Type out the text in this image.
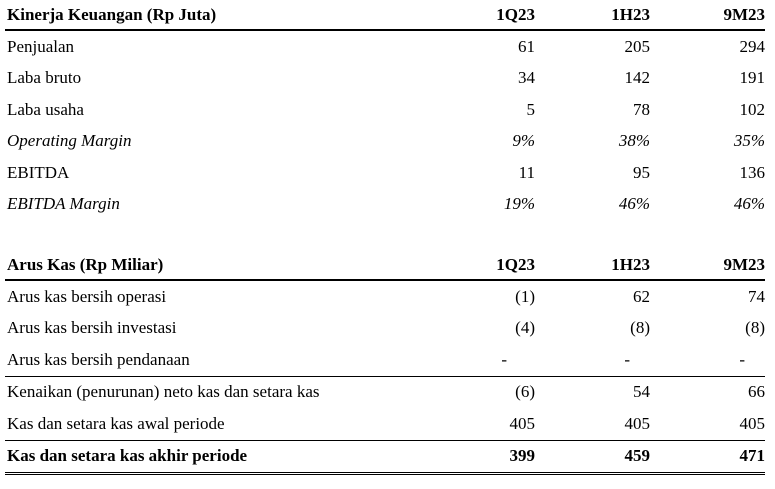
Kinerja Keuangan (Rp Juta)	1Q23	1H23	9M23
Penjualan	61	205	294
Laba bruto	34	142	191
Laba usaha	5	78	102
Operating Margin	9%	38%	35%
EBITDA	11	95	136
EBITDA Margin	19%	46%	46%
Arus Kas (Rp Miliar)	1Q23	1H23	9M23
Arus kas bersih operasi	(1)	62	74
Arus kas bersih investasi	(4)	(8)	(8)
Arus kas bersih pendanaan	-	-	-
Kenaikan (penurunan) neto kas dan setara kas	(6)	54	66
Kas dan setara kas awal periode	405	405	405
Kas dan setara kas akhir periode	399	459	471
